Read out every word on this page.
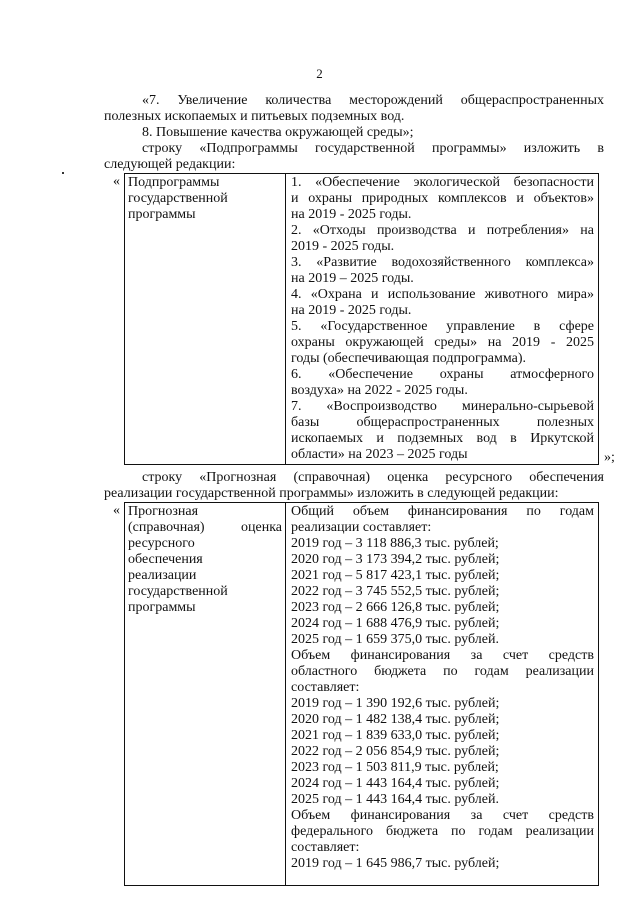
2
«7. Увеличение количества месторождений общераспространенных
полезных ископаемых и питьевых подземных вод.
8. Повышение качества окружающей среды»;
строку «Подпрограммы государственной программы» изложить в
следующей редакции:
«
»;
Подпрограммы
государственной
программы
1. «Обеспечение экологической безопасности
и охраны природных комплексов и объектов»
на 2019 - 2025 годы.
2. «Отходы производства и потребления» на
2019 - 2025 годы.
3. «Развитие водохозяйственного комплекса»
на 2019 – 2025 годы.
4. «Охрана и использование животного мира»
на 2019 - 2025 годы.
5. «Государственное управление в сфере
охраны окружающей среды» на 2019 - 2025
годы (обеспечивающая подпрограмма).
6. «Обеспечение охраны атмосферного
воздуха» на 2022 - 2025 годы.
7. «Воспроизводство минерально-сырьевой
базы общераспространенных полезных
ископаемых и подземных вод в Иркутской
области» на 2023 – 2025 годы
строку «Прогнозная (справочная) оценка ресурсного обеспечения
реализации государственной программы» изложить в следующей редакции:
« Прогнозная
(справочная) оценка
ресурсного
обеспечения
реализации
государственной
программы
Общий объем финансирования по годам
реализации составляет:
2019 год – 3 118 886,3 тыс. рублей;
2020 год – 3 173 394,2 тыс. рублей;
2021 год – 5 817 423,1 тыс. рублей;
2022 год – 3 745 552,5 тыс. рублей;
2023 год – 2 666 126,8 тыс. рублей;
2024 год – 1 688 476,9 тыс. рублей;
2025 год – 1 659 375,0 тыс. рублей.
Объем финансирования за счет средств
областного бюджета по годам реализации
составляет:
2019 год – 1 390 192,6 тыс. рублей;
2020 год – 1 482 138,4 тыс. рублей;
2021 год – 1 839 633,0 тыс. рублей;
2022 год – 2 056 854,9 тыс. рублей;
2023 год – 1 503 811,9 тыс. рублей;
2024 год – 1 443 164,4 тыс. рублей;
2025 год – 1 443 164,4 тыс. рублей.
Объем финансирования за счет средств
федерального бюджета по годам реализации
составляет:
2019 год – 1 645 986,7 тыс. рублей;
